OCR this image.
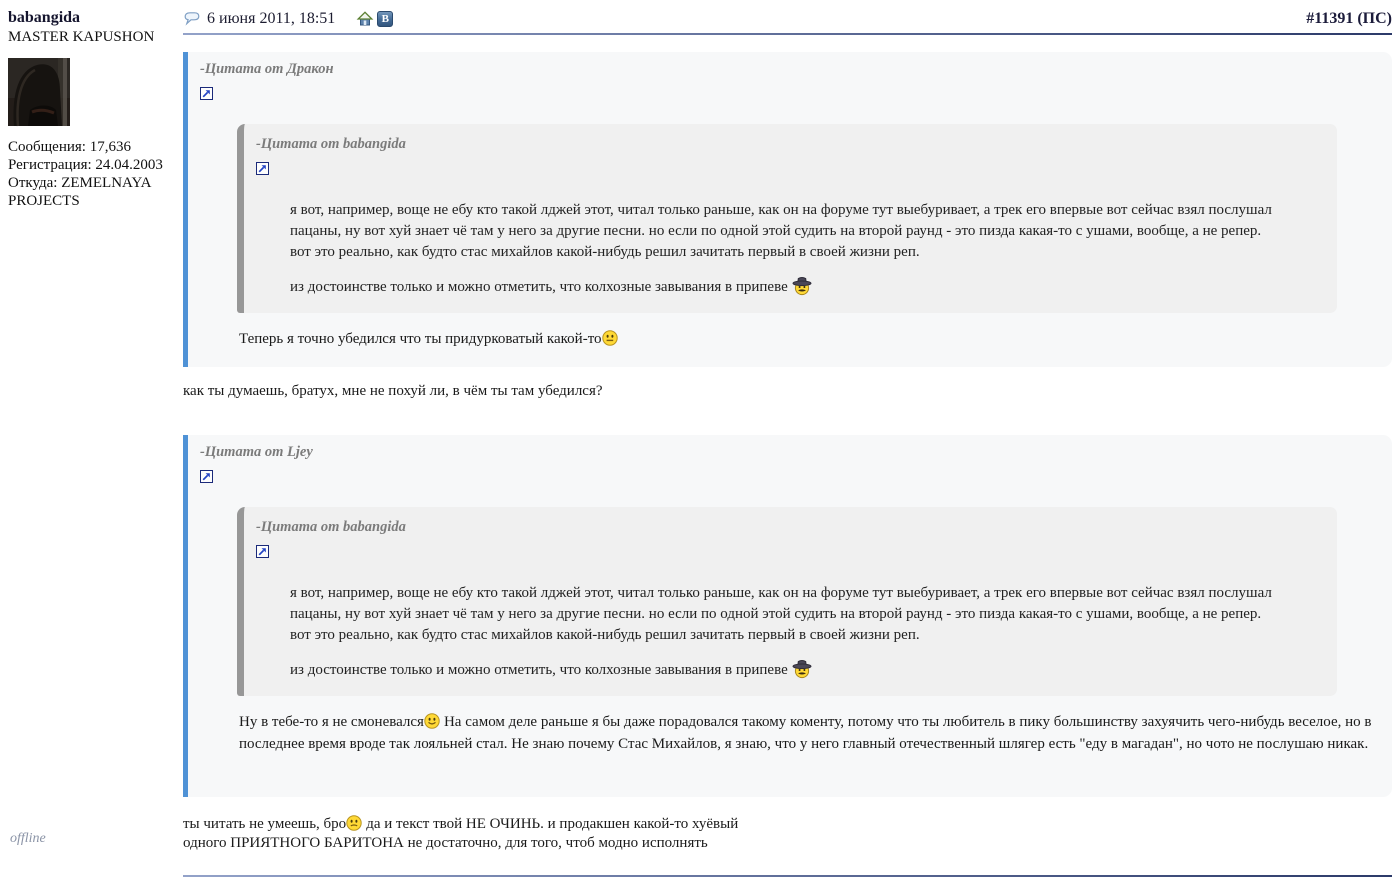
babangida
MASTER KAPUSHON
Сообщения: 17,636
Регистрация: 24.04.2003
Откуда: ZEMELNAYA PROJECTS
offline
6 июня 2011, 18:51	B	#11391 (ПС)
-Цитата от Дракон
-Цитата от babangida
я вот, например, воще не ебу кто такой лджей этот, читал только раньше, как он на форуме тут выебуривает, а трек его впервые вот сейчас взял послушал
пацаны, ну вот хуй знает чё там у него за другие песни. но если по одной этой судить на второй раунд - это пизда какая-то с ушами, вообще, а не репер.
вот это реально, как будто стас михайлов какой-нибудь решил зачитать первый в своей жизни реп.
из достоинстве только и можно отметить, что колхозные завывания в припеве
Теперь я точно убедился что ты придурковатый какой-то

как ты думаешь, братух, мне не похуй ли, в чём ты там убедился?

-Цитата от Ljey
-Цитата от babangida
я вот, например, воще не ебу кто такой лджей этот, читал только раньше, как он на форуме тут выебуривает, а трек его впервые вот сейчас взял послушал
пацаны, ну вот хуй знает чё там у него за другие песни. но если по одной этой судить на второй раунд - это пизда какая-то с ушами, вообще, а не репер.
вот это реально, как будто стас михайлов какой-нибудь решил зачитать первый в своей жизни реп.
из достоинстве только и можно отметить, что колхозные завывания в припеве
Ну в тебе-то я не смоневался На самом деле раньше я бы даже порадовался такому коменту, потому что ты любитель в пику большинству захуячить чего-нибудь веселое, но в последнее время вроде так лояльней стал. Не знаю почему Стас Михайлов, я знаю, что у него главный отечественный шлягер есть "еду в магадан", но чото не послушаю никак.

ты читать не умеешь, бро да и текст твой НЕ ОЧИНЬ. и продакшен какой-то хуёвый

одного ПРИЯТНОГО БАРИТОНА не достаточно, для того, чтоб модно исполнять
